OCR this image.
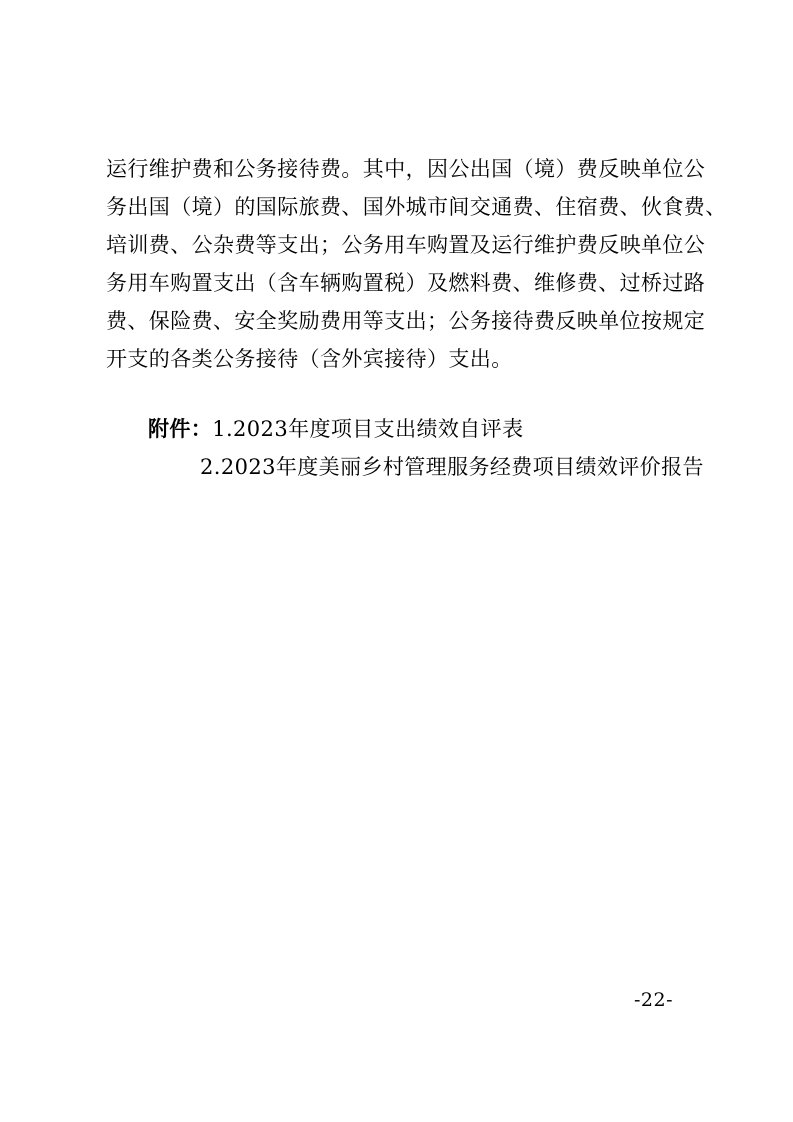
运行维护费和公务接待费。其中，因公出国（境）费反映单位公
务出国（境）的国际旅费、国外城市间交通费、住宿费、伙食费、
培训费、公杂费等支出；公务用车购置及运行维护费反映单位公
务用车购置支出（含车辆购置税）及燃料费、维修费、过桥过路
费、保险费、安全奖励费用等支出；公务接待费反映单位按规定
开支的各类公务接待（含外宾接待）支出。
附件：1.2023年度项目支出绩效自评表
2.2023年度美丽乡村管理服务经费项目绩效评价报告
-22-
